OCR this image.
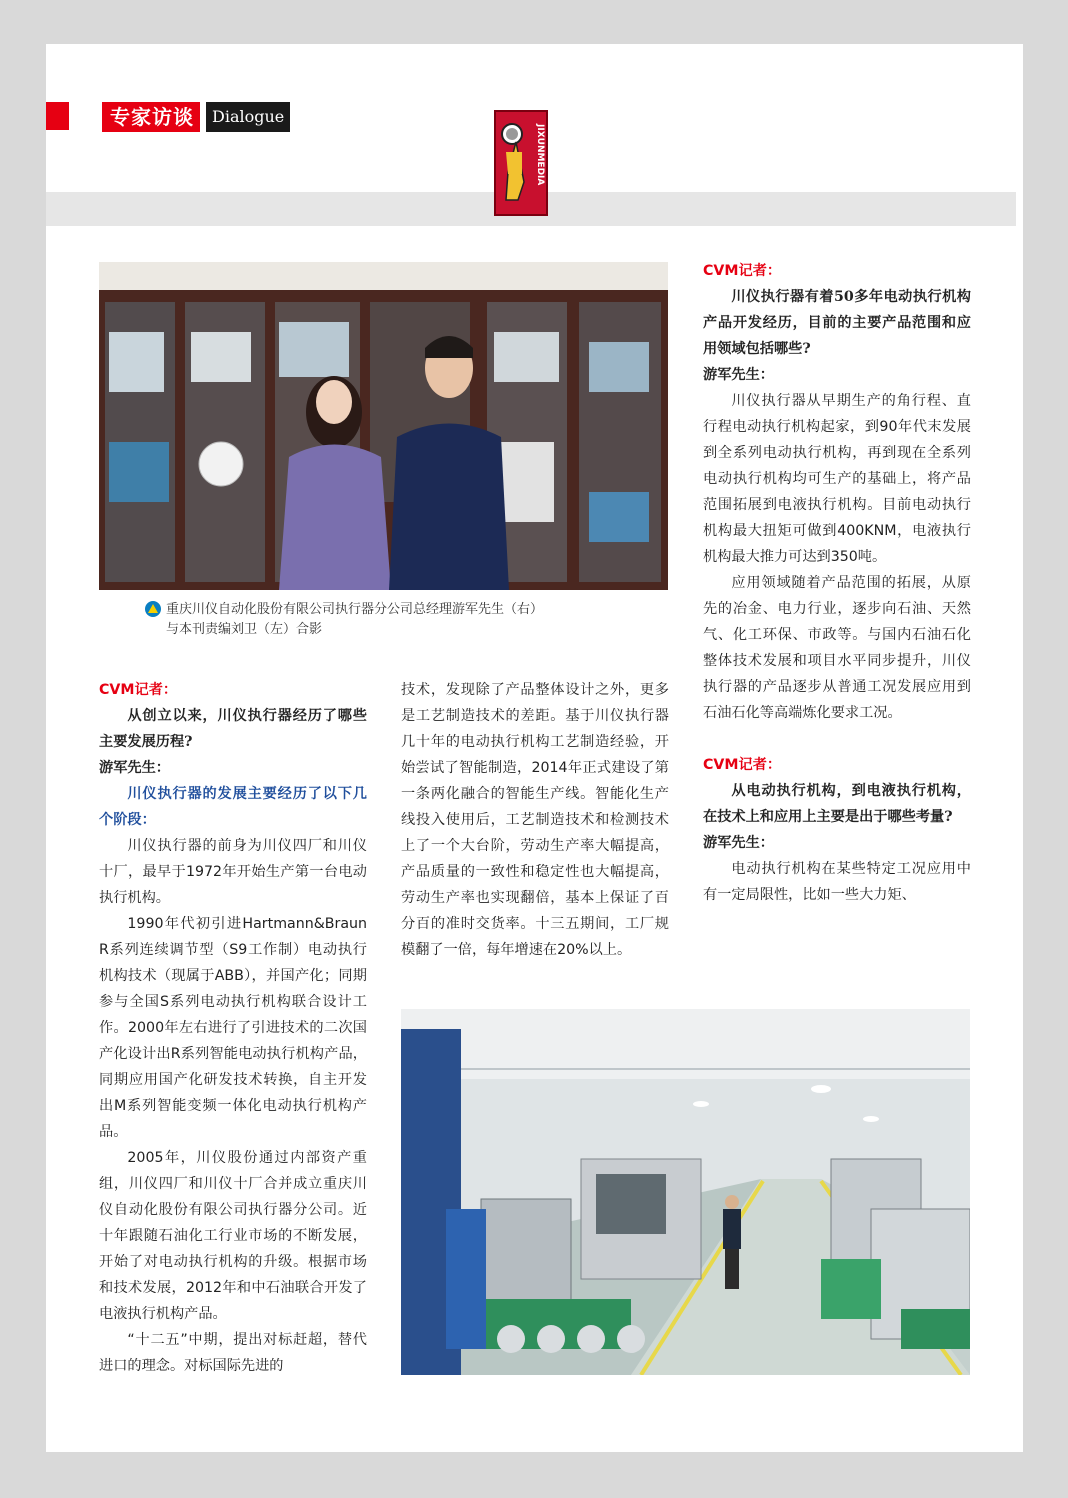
专家访谈	Dialogue
JIXUNMEDIA
重庆川仪自动化股份有限公司执行器分公司总经理游军先生（右）
与本刊责编刘卫（左）合影

CVM记者：

从创立以来，川仪执行器经历了哪些主要发展历程?

游军先生：

川仪执行器的发展主要经历了以下几个阶段：

川仪执行器的前身为川仪四厂和川仪十厂，最早于1972年开始生产第一台电动执行机构。

1990年代初引进Hartmann&Braun R系列连续调节型（S9工作制）电动执行机构技术（现属于ABB），并国产化；同期参与全国S系列电动执行机构联合设计工作。2000年左右进行了引进技术的二次国产化设计出R系列智能电动执行机构产品，同期应用国产化研发技术转换，自主开发出M系列智能变频一体化电动执行机构产品。

2005年，川仪股份通过内部资产重组，川仪四厂和川仪十厂合并成立重庆川仪自动化股份有限公司执行器分公司。近十年跟随石油化工行业市场的不断发展，开始了对电动执行机构的升级。根据市场和技术发展，2012年和中石油联合开发了电液执行机构产品。

“十二五”中期，提出对标赶超，替代进口的理念。对标国际先进的

技术，发现除了产品整体设计之外，更多是工艺制造技术的差距。基于川仪执行器几十年的电动执行机构工艺制造经验，开始尝试了智能制造，2014年正式建设了第一条两化融合的智能生产线。智能化生产线投入使用后，工艺制造技术和检测技术上了一个大台阶，劳动生产率大幅提高，产品质量的一致性和稳定性也大幅提高，劳动生产率也实现翻倍，基本上保证了百分百的准时交货率。十三五期间，工厂规模翻了一倍，每年增速在20%以上。

CVM记者：

川仪执行器有着50多年电动执行机构产品开发经历，目前的主要产品范围和应用领域包括哪些?

游军先生：

川仪执行器从早期生产的角行程、直行程电动执行机构起家，到90年代末发展到全系列电动执行机构，再到现在全系列电动执行机构均可生产的基础上，将产品范围拓展到电液执行机构。目前电动执行机构最大扭矩可做到400KNM，电液执行机构最大推力可达到350吨。

应用领域随着产品范围的拓展，从原先的冶金、电力行业，逐步向石油、天然气、化工环保、市政等。与国内石油石化整体技术发展和项目水平同步提升，川仪执行器的产品逐步从普通工况发展应用到石油石化等高端炼化要求工况。

CVM记者：

从电动执行机构，到电液执行机构，在技术上和应用上主要是出于哪些考量?

游军先生：

电动执行机构在某些特定工况应用中有一定局限性，比如一些大力矩、
